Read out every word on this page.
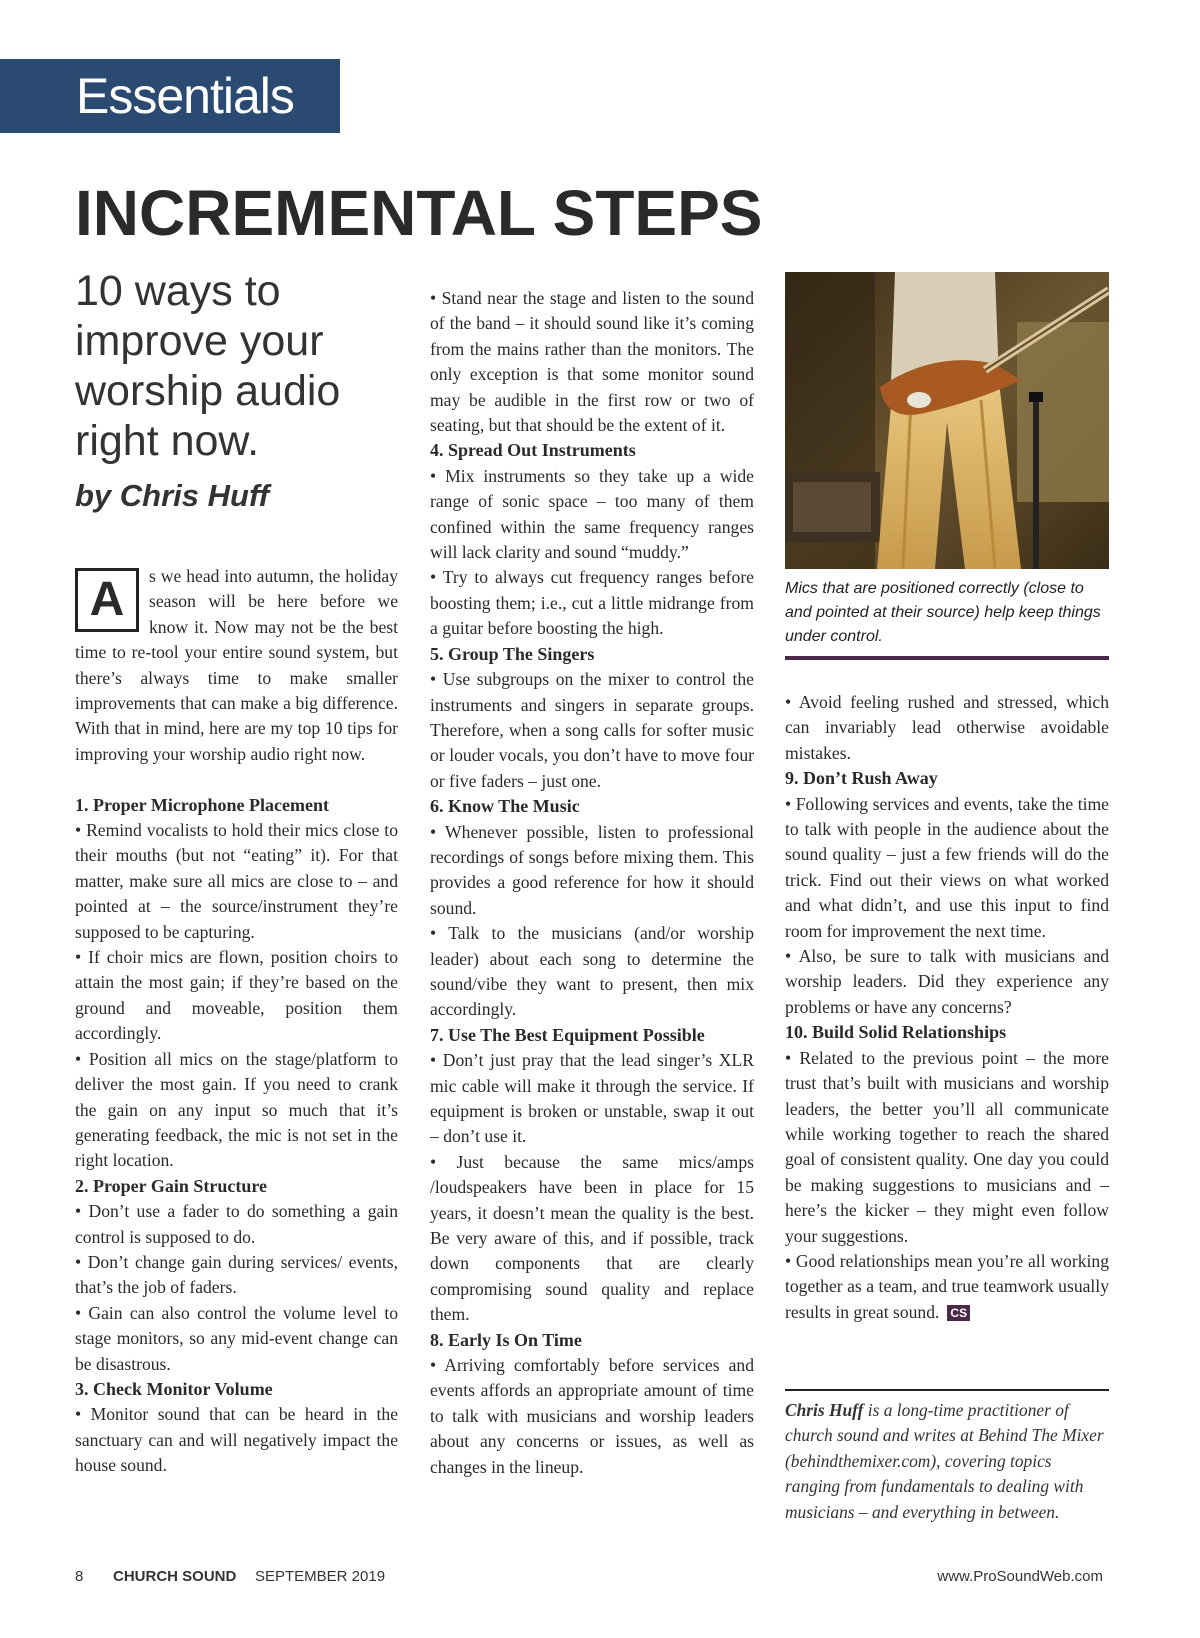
Essentials
INCREMENTAL STEPS

10 ways to improve your worship audio right now.

by Chris Huff

A	s we head into autumn, the holiday season will be here before we know it. Now may not be the best time to re-tool your entire sound system, but there’s always time to make smaller improvements that can make a big difference. With that in mind, here are my top 10 tips for improving your worship audio right now.

1. Proper Microphone Placement

• Remind vocalists to hold their mics close to their mouths (but not “eating” it). For that matter, make sure all mics are close to – and pointed at – the source/instrument they’re supposed to be capturing.

• If choir mics are flown, position choirs to attain the most gain; if they’re based on the ground and moveable, position them accordingly.

• Position all mics on the stage/platform to deliver the most gain. If you need to crank the gain on any input so much that it’s generating feedback, the mic is not set in the right location.

2. Proper Gain Structure

• Don’t use a fader to do something a gain control is supposed to do.

• Don’t change gain during services/ events, that’s the job of faders.

• Gain can also control the volume level to stage monitors, so any mid-event change can be disastrous.

3. Check Monitor Volume

• Monitor sound that can be heard in the sanctuary can and will negatively impact the house sound.

• Stand near the stage and listen to the sound of the band – it should sound like it’s coming from the mains rather than the monitors. The only exception is that some monitor sound may be audible in the first row or two of seating, but that should be the extent of it.

4. Spread Out Instruments

• Mix instruments so they take up a wide range of sonic space – too many of them confined within the same frequency ranges will lack clarity and sound “muddy.”

• Try to always cut frequency ranges before boosting them; i.e., cut a little midrange from a guitar before boosting the high.

5. Group The Singers

• Use subgroups on the mixer to control the instruments and singers in separate groups. Therefore, when a song calls for softer music or louder vocals, you don’t have to move four or five faders – just one.

6. Know The Music

• Whenever possible, listen to professional recordings of songs before mixing them. This provides a good reference for how it should sound.

• Talk to the musicians (and/or worship leader) about each song to determine the sound/vibe they want to present, then mix accordingly.

7. Use The Best Equipment Possible

• Don’t just pray that the lead singer’s XLR mic cable will make it through the service. If equipment is broken or unstable, swap it out – don’t use it.

• Just because the same mics/amps /loudspeakers have been in place for 15 years, it doesn’t mean the quality is the best. Be very aware of this, and if possible, track down components that are clearly compromising sound quality and replace them.

8. Early Is On Time

• Arriving comfortably before services and events affords an appropriate amount of time to talk with musicians and worship leaders about any concerns or issues, as well as changes in the lineup.

Mics that are positioned correctly (close to and pointed at their source) help keep things under control.

• Avoid feeling rushed and stressed, which can invariably lead otherwise avoidable mistakes.

9. Don’t Rush Away

• Following services and events, take the time to talk with people in the audience about the sound quality – just a few friends will do the trick. Find out their views on what worked and what didn’t, and use this input to find room for improvement the next time.

• Also, be sure to talk with musicians and worship leaders. Did they experience any problems or have any concerns?

10. Build Solid Relationships

• Related to the previous point – the more trust that’s built with musicians and worship leaders, the better you’ll all communicate while working together to reach the shared goal of consistent quality. One day you could be making suggestions to musicians and – here’s the kicker – they might even follow your suggestions.

• Good relationships mean you’re all working together as a team, and true teamwork usually results in great sound. CS

Chris Huff is a long-time practitioner of church sound and writes at Behind The Mixer (behindthemixer.com), covering topics ranging from fundamentals to dealing with musicians – and everything in between.

8 CHURCH SOUND SEPTEMBER 2019	www.ProSoundWeb.com
